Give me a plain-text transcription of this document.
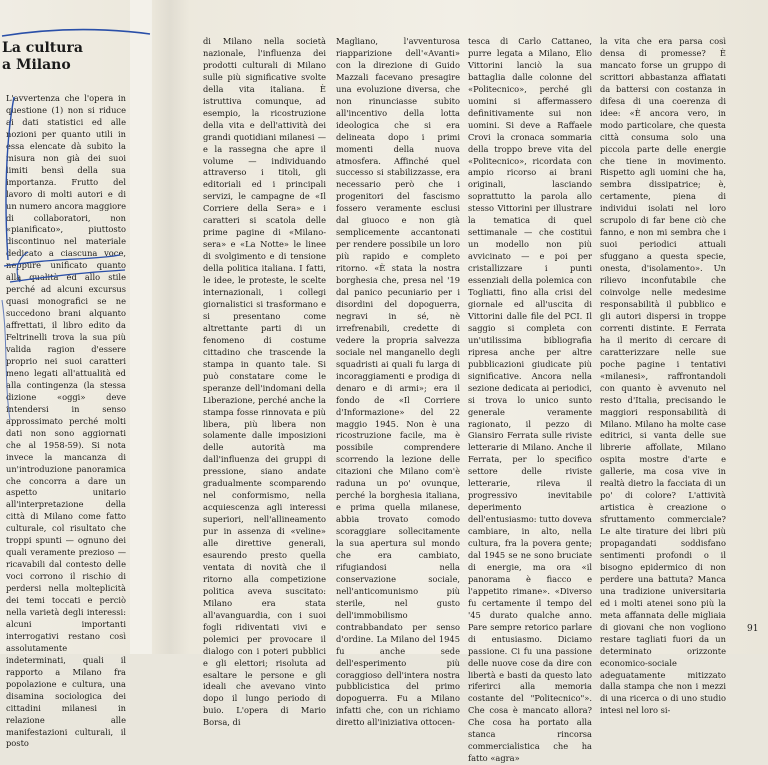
La cultura
a Milano

L'avvertenza che l'opera in questione (1) non si riduce ai dati statistici ed alle nozioni per quanto utili in essa elencate dà subito la misura non già dei suoi limiti bensì della sua importanza. Frutto del lavoro di molti autori e di un numero ancora maggiore di collaboratori, non «pianificato», piuttosto discontinuo nel materiale dedicato a ciascuna voce, neppure unificato quanto alla qualità ed allo stile perché ad alcuni excursus quasi monografici se ne succedono brani alquanto affrettati, il libro edito da Feltrinelli trova la sua più valida ragion d'essere proprio nei suoi caratteri meno legati all'attualità ed alla contingenza (la stessa dizione «oggi» deve intendersi in senso approssimato perché molti dati non sono aggiornati che al 1958-59). Si nota invece la mancanza di un'introduzione panoramica che concorra a dare un aspetto unitario all'interpretazione della città di Milano come fatto culturale, col risultato che troppi spunti — ognuno dei quali veramente prezioso — ricavabili dal contesto delle voci corrono il rischio di perdersi nella molteplicità dei temi toccati e perciò nella varietà degli interessi: alcuni importanti interrogativi restano così assolutamente indeterminati, quali il rapporto a Milano fra popolazione e cultura, una disamina sociologica dei cittadini milanesi in relazione alle manifestazioni culturali, il posto

di Milano nella società nazionale, l'influenza dei prodotti culturali di Milano sulle più significative svolte della vita italiana. È istruttiva comunque, ad esempio, la ricostruzione della vita e dell'attività dei grandi quotidiani milanesi — e la rassegna che apre il volume — individuando attraverso i titoli, gli editoriali ed i principali servizi, le campagne de «Il Corriere della Sera» e i caratteri si scatola delle prime pagine di «Milano-sera» e «La Notte» le linee di svolgimento e di tensione della politica italiana. I fatti, le idee, le proteste, le scelte internazionali, i collegi giornalistici si trasformano e si presentano come altrettante parti di un fenomeno di costume cittadino che trascende la stampa in quanto tale. Si può constatare come le speranze dell'indomani della Liberazione, perché anche la stampa fosse rinnovata e più libera, più libera non solamente dalle imposizioni delle autorità ma dall'influenza dei gruppi di pressione, siano andate gradualmente scomparendo nel conformismo, nella acquiescenza agli interessi superiori, nell'allineamento pur in assenza di «veline» alle direttive generali, esaurendo presto quella ventata di novità che il ritorno alla competizione politica aveva suscitato: Milano era stata all'avanguardia, con i suoi fogli ridiventati vivi e polemici per provocare il dialogo con i poteri pubblici e gli elettori; risoluta ad esaltare le persone e gli ideali che avevano vinto dopo il lungo periodo di buio. L'opera di Mario Borsa, di

Magliano, l'avventurosa riapparizione dell'«Avanti» con la direzione di Guido Mazzali facevano presagire una evoluzione diversa, che non rinunciasse subito all'incentivo della lotta ideologica che si era delineata dopo i primi momenti della nuova atmosfera. Affinché quel successo si stabilizzasse, era necessario però che i progenitori del fascismo fossero veramente esclusi dal giuoco e non già semplicemente accantonati per rendere possibile un loro più rapido e completo ritorno. «È stata la nostra borghesia che, presa nel '19 dal panico pecuniario per i disordini del dopoguerra, negravi in sé, nè irrefrenabili, credette di vedere la propria salvezza sociale nel manganello degli squadristi ai quali fu larga di incoraggiamenti e prodiga di denaro e di armi»; era il fondo de «Il Corriere d'Informazione» del 22 maggio 1945. Non è una ricostruzione facile, ma è possibile comprendere scorrendo la lezione delle citazioni che Milano com'è raduna un po' ovunque, perché la borghesia italiana, e prima quella milanese, abbia trovato comodo scoraggiare sollecitamente la sua apertura sul mondo che era cambiato, rifugiandosi nella conservazione sociale, nell'anticomunismo più sterile, nel gusto dell'immobilismo contrabbandato per senso d'ordine. La Milano del 1945 fu anche sede dell'esperimento più coraggioso dell'intera nostra pubblicistica del primo dopoguerra. Fu a Milano infatti che, con un richiamo diretto all'iniziativa ottocen-

tesca di Carlo Cattaneo, purre legata a Milano, Elio Vittorini lanciò la sua battaglia dalle colonne del «Politecnico», perché gli uomini si affermassero definitivamente sui non uomini. Si deve a Raffaele Crovi la cronaca sommaria della troppo breve vita del «Politecnico», ricordata con ampio ricorso ai brani originali, lasciando soprattutto la parola allo stesso Vittorini per illustrare la tematica di quel settimanale — che costituì un modello non più avvicinato — e poi per cristallizzare i punti essenziali della polemica con Togliatti, fino alla crisi del giornale ed all'uscita di Vittorini dalle file del PCI. Il saggio si completa con un'utilissima bibliografia ripresa anche per altre pubblicazioni giudicate più significative. Ancora nella sezione dedicata ai periodici, si trova lo unico sunto generale veramente ragionato, il pezzo di Giansiro Ferrata sulle riviste letterarie di Milano. Anche il Ferrata, per lo specifico settore delle riviste letterarie, rileva il progressivo inevitabile deperimento dell'entusiasmo: tutto doveva cambiare, in alto, nella cultura, fra la povera gente; dal 1945 se ne sono bruciate di energie, ma ora «il panorama è fiacco e l'appetito rimane». «Diverso fu certamente il tempo del '45 durato qualche anno. Pare sempre retorico parlare di entusiasmo. Diciamo passione. Ci fu una passione delle nuove cose da dire con libertà e basti da questo lato riferirci alla memoria costante del "Politecnico"». Che cosa è mancato allora? Che cosa ha portato alla stanca rincorsa commercialistica che ha fatto «agra»

la vita che era parsa così densa di promesse? È mancato forse un gruppo di scrittori abbastanza affiatati da battersi con costanza in difesa di una coerenza di idee: «È ancora vero, in modo particolare, che questa città consuma solo una piccola parte delle energie che tiene in movimento. Rispetto agli uomini che ha, sembra dissipatrice; è, certamente, piena di individui isolati nel loro scrupolo di far bene ciò che fanno, e non mi sembra che i suoi periodici attuali sfuggano a questa specie, onesta, d'isolamento». Un rilievo inconfutabile che coinvolge nelle medesime responsabilità il pubblico e gli autori dispersi in troppe correnti distinte. E Ferrata ha il merito di cercare di caratterizzare nelle sue poche pagine i tentativi «milanesi», raffrontandoli con quanto è avvenuto nel resto d'Italia, precisando le maggiori responsabilità di Milano. Milano ha molte case editrici, si vanta delle sue librerie affollate, Milano ospita mostre d'arte e gallerie, ma cosa vive in realtà dietro la facciata di un po' di colore? L'attività artistica è creazione o sfruttamento commerciale? Le alte tirature dei libri più propagandati soddisfano sentimenti profondi o il bisogno epidermico di non perdere una battuta? Manca una tradizione universitaria ed i molti atenei sono più la meta affannata delle migliaia di giovani che non vogliono restare tagliati fuori da un determinato orizzonte economico-sociale adeguatamente mitizzato dalla stampa che non i mezzi di una ricerca o di uno studio intesi nel loro si-

91
